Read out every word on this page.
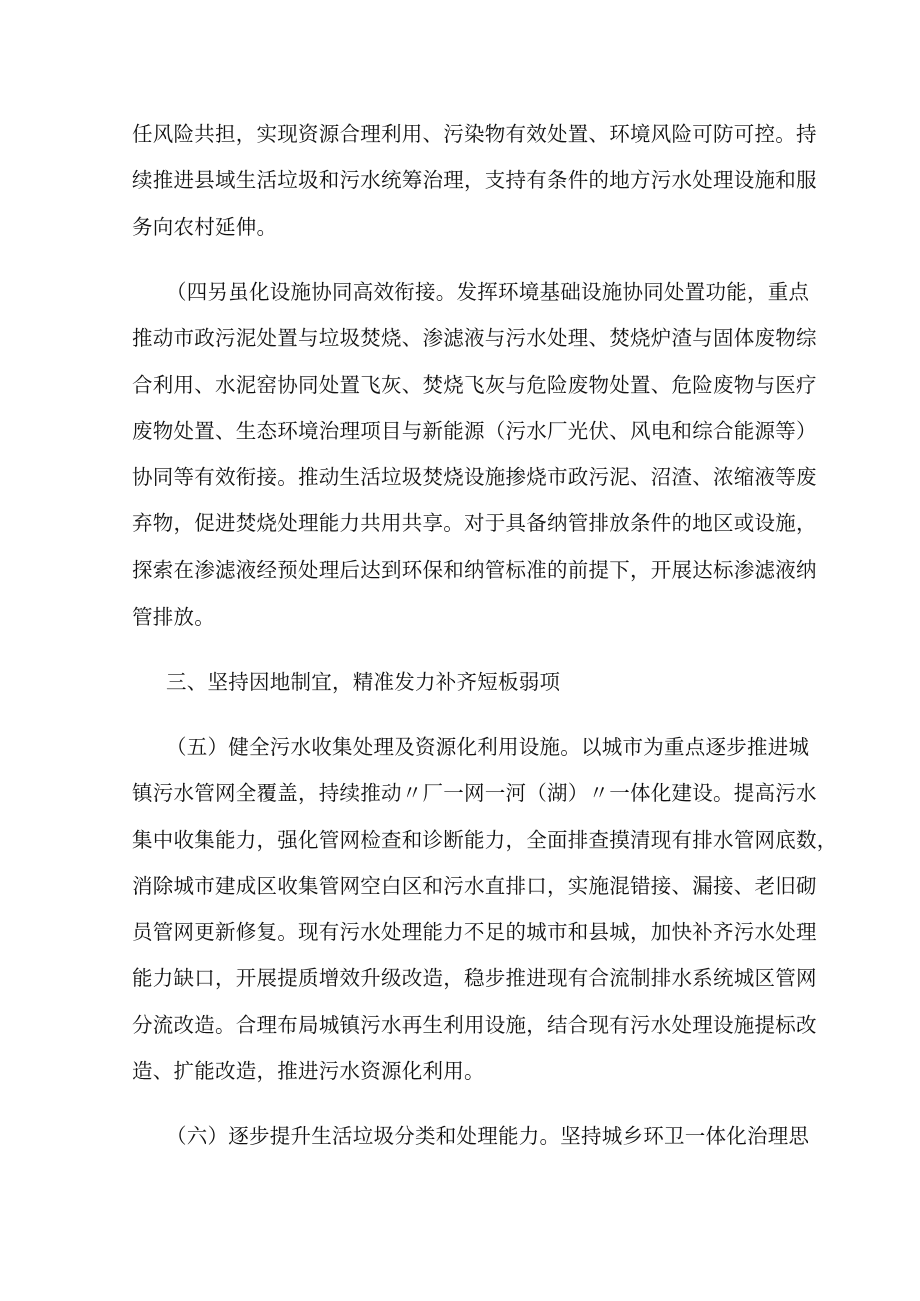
任风险共担，实现资源合理利用、污染物有效处置、环境风险可防可控。持
续推进县域生活垃圾和污水统筹治理，支持有条件的地方污水处理设施和服
务向农村延伸。
（四另虽化设施协同高效衔接。发挥环境基础设施协同处置功能，重点
推动市政污泥处置与垃圾焚烧、渗滤液与污水处理、焚烧炉渣与固体废物综
合利用、水泥窑协同处置飞灰、焚烧飞灰与危险废物处置、危险废物与医疗
废物处置、生态环境治理项目与新能源（污水厂光伏、风电和综合能源等）
协同等有效衔接。推动生活垃圾焚烧设施掺烧市政污泥、沼渣、浓缩液等废
弃物，促进焚烧处理能力共用共享。对于具备纳管排放条件的地区或设施，
探索在渗滤液经预处理后达到环保和纳管标准的前提下，开展达标渗滤液纳
管排放。
三、坚持因地制宜，精准发力补齐短板弱项
（五）健全污水收集处理及资源化利用设施。以城市为重点逐步推进城
镇污水管网全覆盖，持续推动〃厂一网一河（湖）〃一体化建设。提高污水
集中收集能力，强化管网检查和诊断能力，全面排查摸清现有排水管网底数，
消除城市建成区收集管网空白区和污水直排口，实施混错接、漏接、老旧砌
员管网更新修复。现有污水处理能力不足的城市和县城，加快补齐污水处理
能力缺口，开展提质增效升级改造，稳步推进现有合流制排水系统城区管网
分流改造。合理布局城镇污水再生利用设施，结合现有污水处理设施提标改
造、扩能改造，推进污水资源化利用。
（六）逐步提升生活垃圾分类和处理能力。坚持城乡环卫一体化治理思
